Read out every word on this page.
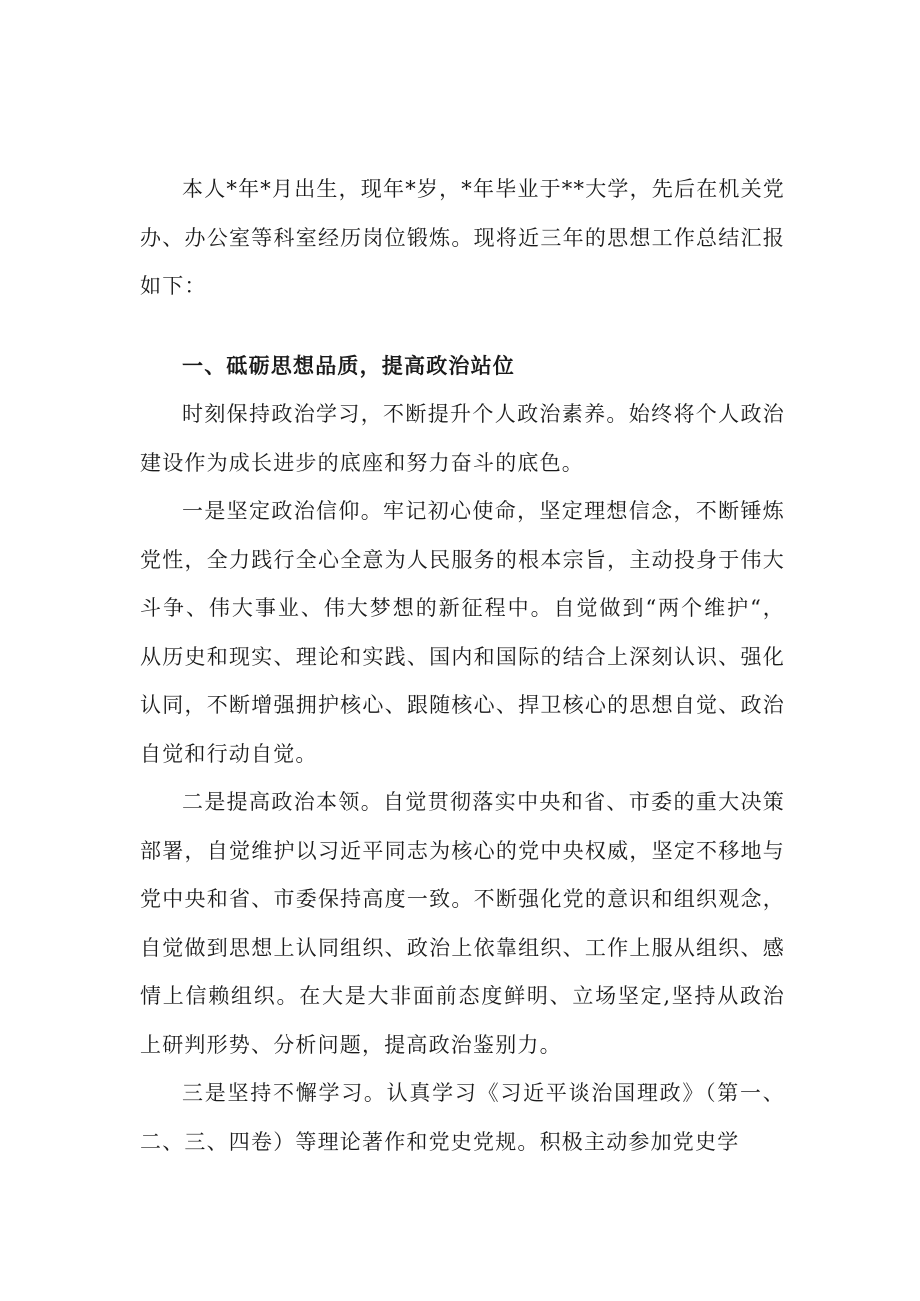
本人*年*月出生，现年*岁，*年毕业于**大学，先后在机关党办、办公室等科室经历岗位锻炼。现将近三年的思想工作总结汇报如下：

一、砥砺思想品质，提高政治站位

时刻保持政治学习，不断提升个人政治素养。始终将个人政治建设作为成长进步的底座和努力奋斗的底色。

一是坚定政治信仰。牢记初心使命，坚定理想信念，不断锤炼党性，全力践行全心全意为人民服务的根本宗旨，主动投身于伟大斗争、伟大事业、伟大梦想的新征程中。自觉做到“两个维护“，从历史和现实、理论和实践、国内和国际的结合上深刻认识、强化认同，不断增强拥护核心、跟随核心、捍卫核心的思想自觉、政治自觉和行动自觉。

二是提高政治本领。自觉贯彻落实中央和省、市委的重大决策部署，自觉维护以习近平同志为核心的党中央权威，坚定不移地与党中央和省、市委保持高度一致。不断强化党的意识和组织观念，自觉做到思想上认同组织、政治上依靠组织、工作上服从组织、感情上信赖组织。在大是大非面前态度鲜明、立场坚定,坚持从政治上研判形势、分析问题，提高政治鉴别力。

三是坚持不懈学习。认真学习《习近平谈治国理政》（第一、二、三、四卷）等理论著作和党史党规。积极主动参加党史学
